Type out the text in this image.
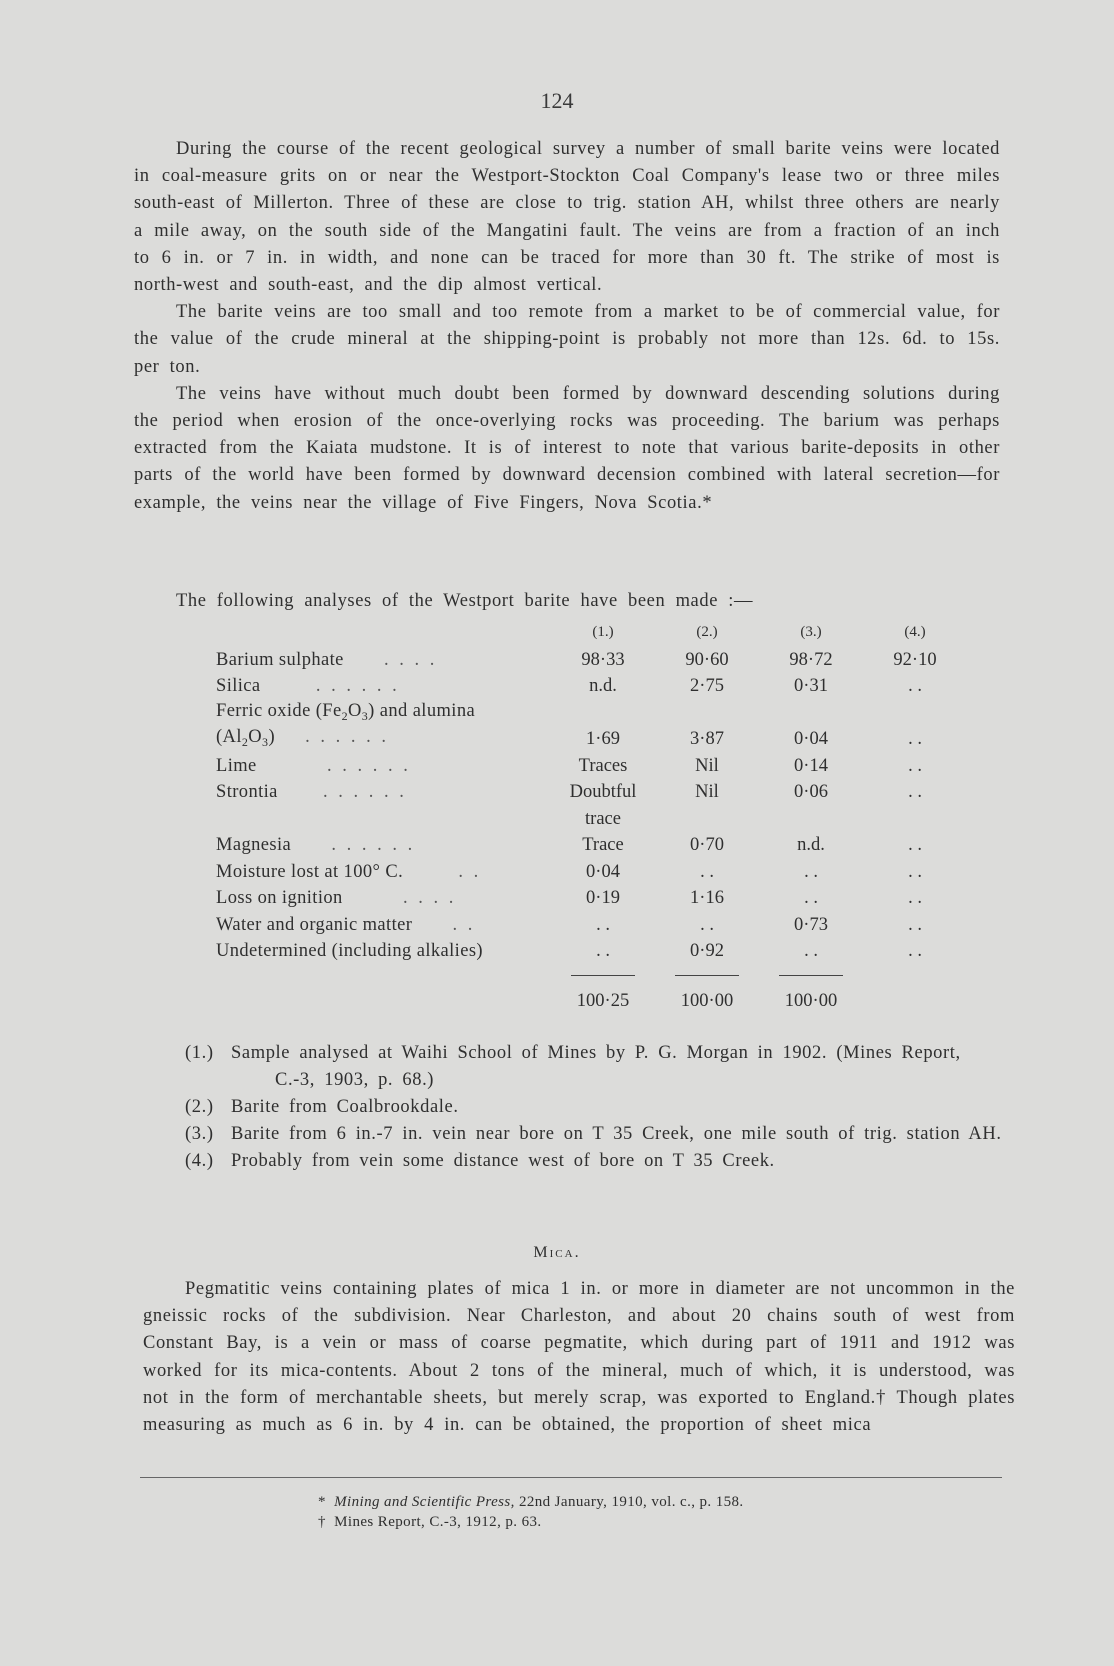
124

During the course of the recent geological survey a number of small barite veins were located in coal-measure grits on or near the Westport-Stockton Coal Company's lease two or three miles south-east of Millerton. Three of these are close to trig. station AH, whilst three others are nearly a mile away, on the south side of the Mangatini fault. The veins are from a fraction of an inch to 6 in. or 7 in. in width, and none can be traced for more than 30 ft. The strike of most is north-west and south-east, and the dip almost vertical.

The barite veins are too small and too remote from a market to be of commercial value, for the value of the crude mineral at the shipping-point is probably not more than 12s. 6d. to 15s. per ton.

The veins have without much doubt been formed by downward descending solutions during the period when erosion of the once-overlying rocks was proceeding. The barium was perhaps extracted from the Kaiata mudstone. It is of interest to note that various barite-deposits in other parts of the world have been formed by downward decension combined with lateral secretion—for example, the veins near the village of Five Fingers, Nova Scotia.*

The following analyses of the Westport barite have been made :—

	(1.)	(2.)	(3.)	(4.)
Barium sulphate . . . .	98·33	90·60	98·72	92·10
Silica . . . . . .	n.d.	2·75	0·31	. .
Ferric oxide $(Fe_2O_3)$ and alumina				
$(Al_2O_3)$ . . . . . .	1·69	3·87	0·04	. .
Lime . . . . . .	Traces	Nil	0·14	. .
Strontia . . . . . .	Doubtful	Nil	0·06	. .
	trace			
Magnesia . . . . . .	Trace	0·70	n.d.	. .
Moisture lost at 100° C. . .	0·04	. .	. .	. .
Loss on ignition . . . .	0·19	1·16	. .	. .
Water and organic matter . .	. .	. .	0·73	. .
Undetermined (including alkalies)	. .	0·92	. .	. .

	100·25	100·00	100·00	

(1.) Sample analysed at Waihi School of Mines by P. G. Morgan in 1902. (Mines Report, C.-3, 1903, p. 68.)

(2.) Barite from Coalbrookdale.

(3.) Barite from 6 in.-7 in. vein near bore on T 35 Creek, one mile south of trig. station AH.

(4.) Probably from vein some distance west of bore on T 35 Creek.

Mica.

Pegmatitic veins containing plates of mica 1 in. or more in diameter are not uncommon in the gneissic rocks of the subdivision. Near Charleston, and about 20 chains south of west from Constant Bay, is a vein or mass of coarse pegmatite, which during part of 1911 and 1912 was worked for its mica-contents. About 2 tons of the mineral, much of which, it is understood, was not in the form of merchantable sheets, but merely scrap, was exported to England.† Though plates measuring as much as 6 in. by 4 in. can be obtained, the proportion of sheet mica

* Mining and Scientific Press, 22nd January, 1910, vol. c., p. 158.
† Mines Report, C.-3, 1912, p. 63.
